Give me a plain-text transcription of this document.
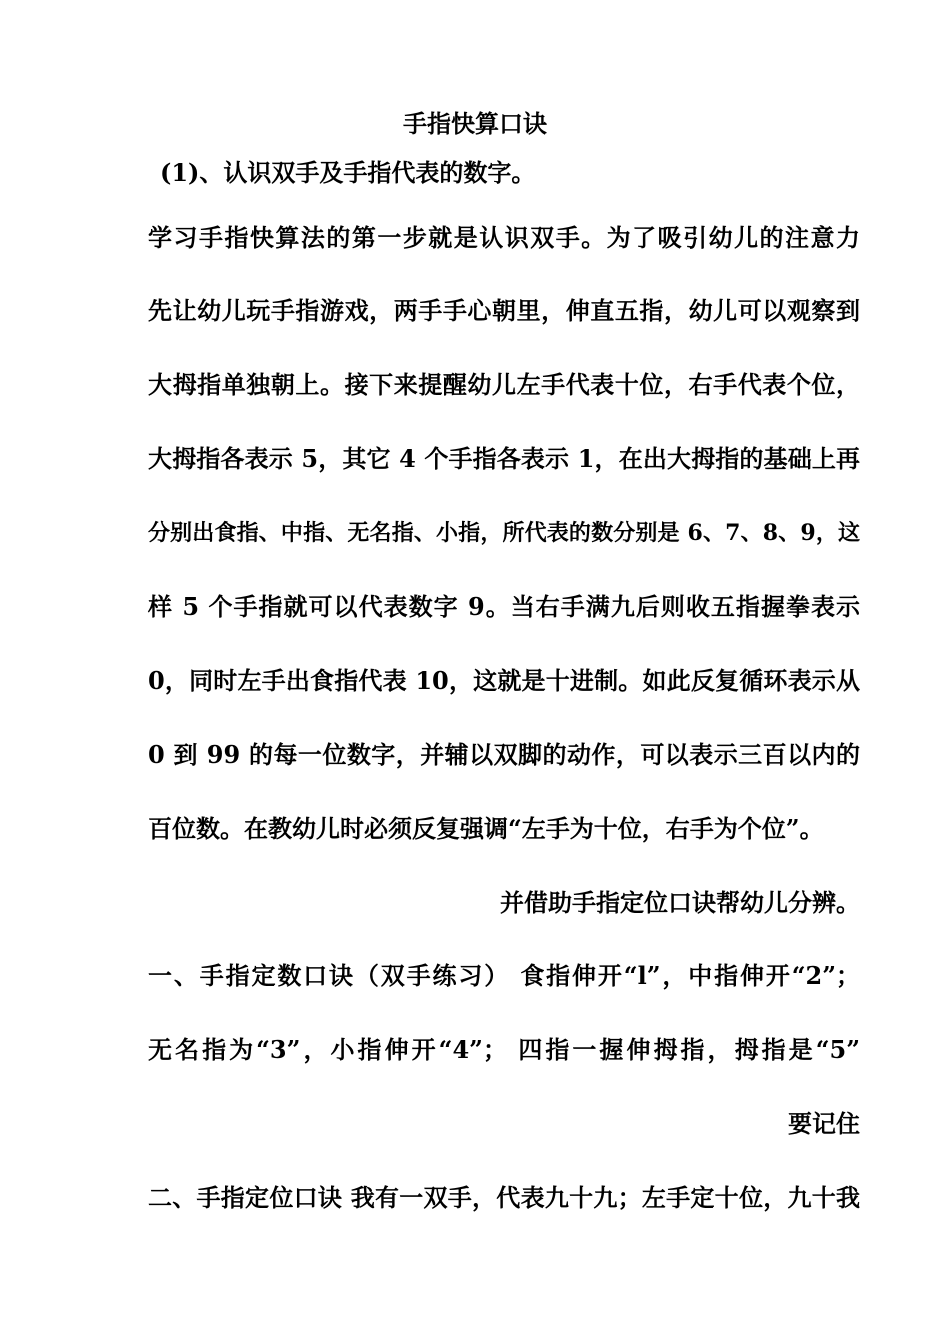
手指快算口诀
(1)、认识双手及手指代表的数字。
学习手指快算法的第一步就是认识双手。为了吸引幼儿的注意力
先让幼儿玩手指游戏，两手手心朝里，伸直五指，幼儿可以观察到
大拇指单独朝上。接下来提醒幼儿左手代表十位，右手代表个位，
大拇指各表示 5，其它 4 个手指各表示 1，在出大拇指的基础上再
分别出食指、中指、无名指、小指，所代表的数分别是 6、7、8、9，这
样 5 个手指就可以代表数字 9。当右手满九后则收五指握拳表示
0，同时左手出食指代表 10，这就是十进制。如此反复循环表示从
0 到 99 的每一位数字，并辅以双脚的动作，可以表示三百以内的
百位数。在教幼儿时必须反复强调“左手为十位，右手为个位”。
并借助手指定位口诀帮幼儿分辨。
一、手指定数口诀（双手练习） 食指伸开“l”，中指伸开“2”；
无名指为“3”，小指伸开“4”； 四指一握伸拇指，拇指是“5”
要记住
二、手指定位口诀 我有一双手，代表九十九；左手定十位，九十我
